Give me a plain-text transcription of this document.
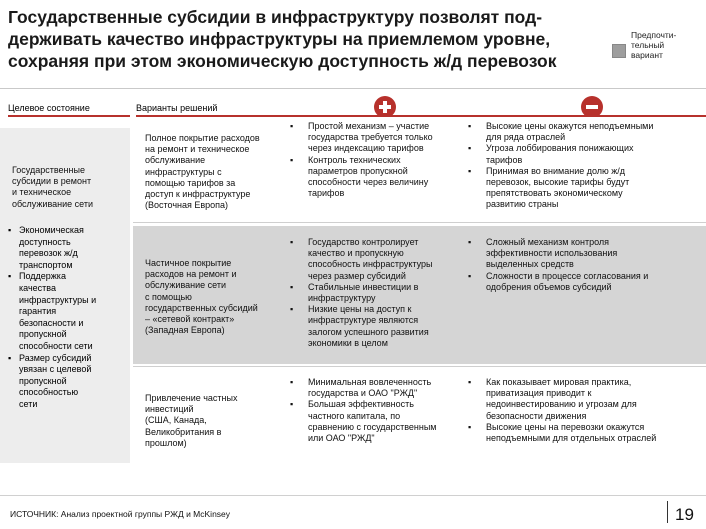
Государственные субсидии в инфраструктуру позволят под-
держивать качество инфраструктуры на приемлемом уровне,
сохраняя при этом экономическую доступность ж/д перевозок
Предпочти-
тельный
вариант
Целевое состояние	Варианты решений
Государственные
субсидии в ремонт
и техническое
обслуживание сети
▪ Экономическая
доступность
перевозок ж/д
транспортом
▪ Поддержка
качества
инфраструктуры и
гарантия
безопасности и
пропускной
способности сети
▪ Размер субсидий
увязан с целевой
пропускной
способностью
сети
Полное покрытие расходов
на ремонт и техническое
обслуживание
инфраструктуры с
помощью тарифов за
доступ к инфраструктуре
(Восточная Европа)
▪ Простой механизм – участие
государства требуется только
через индексацию тарифов
▪ Контроль технических
параметров пропускной
способности через величину
тарифов
▪ Высокие цены окажутся неподъемными
для ряда отраслей
▪ Угроза лоббирования понижающих
тарифов
▪ Принимая во внимание долю ж/д
перевозок, высокие тарифы будут
препятствовать экономическому
развитию страны
Частичное покрытие
расходов на ремонт и
обслуживание сети
с помощью
государственных субсидий
– «сетевой контракт»
(Западная Европа)
▪ Государство контролирует
качество и пропускную
способность инфраструктуры
через размер субсидий
▪ Стабильные инвестиции в
инфраструктуру
▪ Низкие цены на доступ к
инфраструктуре являются
залогом успешного развития
экономики в целом
▪ Сложный механизм контроля
эффективности использования
выделенных средств
▪ Сложности в процессе согласования и
одобрения объемов субсидий
Привлечение частных
инвестиций
(США, Канада,
Великобритания в
прошлом)
▪ Минимальная вовлеченность
государства и ОАО "РЖД"
▪ Большая эффективность
частного капитала, по
сравнению с государственным
или ОАО "РЖД"
▪ Как показывает мировая практика,
приватизация приводит к
недоинвестированию и угрозам для
безопасности движения
▪ Высокие цены на перевозки окажутся
неподъемными для отдельных отраслей
ИСТОЧНИК: Анализ проектной группы РЖД и McKinsey	19
